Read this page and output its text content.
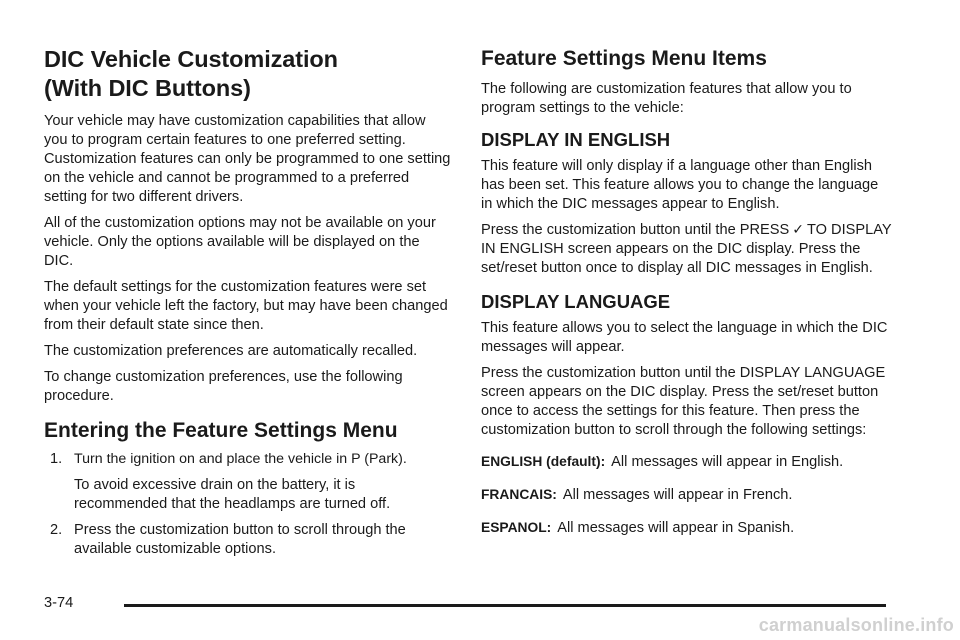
DIC Vehicle Customization
(With DIC Buttons)

Your vehicle may have customization capabilities that allow you to program certain features to one preferred setting. Customization features can only be programmed to one setting on the vehicle and cannot be programmed to a preferred setting for two different drivers.

All of the customization options may not be available on your vehicle. Only the options available will be displayed on the DIC.

The default settings for the customization features were set when your vehicle left the factory, but may have been changed from their default state since then.

The customization preferences are automatically recalled.

To change customization preferences, use the following procedure.

Entering the Feature Settings Menu
1. Turn the ignition on and place the vehicle in P (Park).

To avoid excessive drain on the battery, it is recommended that the headlamps are turned off.

2. Press the customization button to scroll through the available customizable options.

Feature Settings Menu Items

The following are customization features that allow you to program settings to the vehicle:

DISPLAY IN ENGLISH

This feature will only display if a language other than English has been set. This feature allows you to change the language in which the DIC messages appear to English.

Press the customization button until the PRESS ✓ TO DISPLAY IN ENGLISH screen appears on the DIC display. Press the set/reset button once to display all DIC messages in English.

DISPLAY LANGUAGE

This feature allows you to select the language in which the DIC messages will appear.

Press the customization button until the DISPLAY LANGUAGE screen appears on the DIC display. Press the set/reset button once to access the settings for this feature. Then press the customization button to scroll through the following settings:

ENGLISH (default): All messages will appear in English.
FRANCAIS: All messages will appear in French.
ESPANOL: All messages will appear in Spanish.
3-74
carmanualsonline.info
